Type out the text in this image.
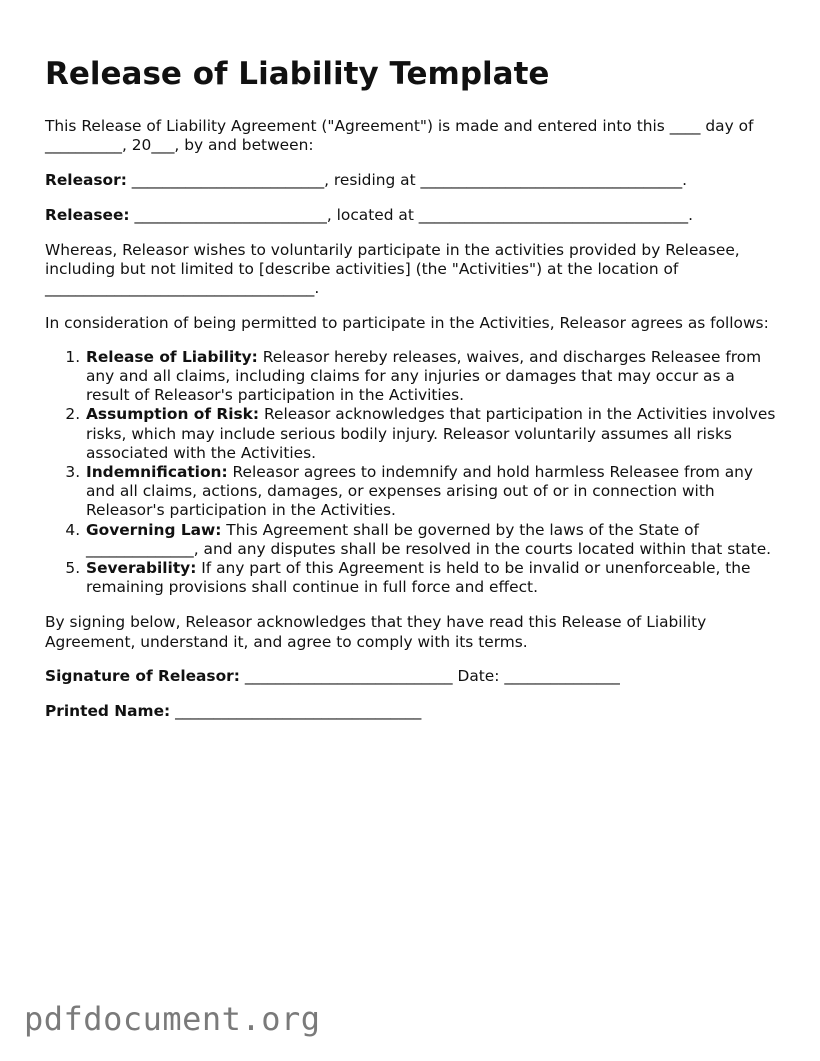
Release of Liability Template

This Release of Liability Agreement ("Agreement") is made and entered into this ____ day of __________, 20___, by and between:

Releasor: _________________________, residing at __________________________________.

Releasee: _________________________, located at ___________________________________.

Whereas, Releasor wishes to voluntarily participate in the activities provided by Releasee, including but not limited to [describe activities] (the "Activities") at the location of ___________________________________.

In consideration of being permitted to participate in the Activities, Releasor agrees as follows:

1. Release of Liability: Releasor hereby releases, waives, and discharges Releasee from any and all claims, including claims for any injuries or damages that may occur as a result of Releasor's participation in the Activities.
2. Assumption of Risk: Releasor acknowledges that participation in the Activities involves risks, which may include serious bodily injury. Releasor voluntarily assumes all risks associated with the Activities.
3. Indemnification: Releasor agrees to indemnify and hold harmless Releasee from any and all claims, actions, damages, or expenses arising out of or in connection with Releasor's participation in the Activities.
4. Governing Law: This Agreement shall be governed by the laws of the State of ______________, and any disputes shall be resolved in the courts located within that state.
5. Severability: If any part of this Agreement is held to be invalid or unenforceable, the remaining provisions shall continue in full force and effect.

By signing below, Releasor acknowledges that they have read this Release of Liability Agreement, understand it, and agree to comply with its terms.

Signature of Releasor: ___________________________ Date: _______________

Printed Name: ________________________________

pdfdocument.org
